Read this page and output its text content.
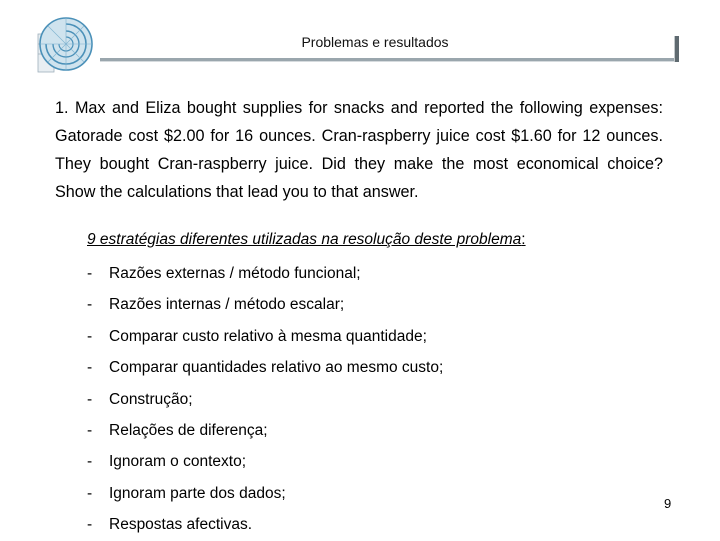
Problemas e resultados
1. Max and Eliza bought supplies for snacks and reported the following expenses: Gatorade cost $2.00 for 16 ounces. Cran-raspberry juice cost $1.60 for 12 ounces. They bought Cran-raspberry juice. Did they make the most economical choice? Show the calculations that lead you to that answer.
9 estratégias diferentes utilizadas na resolução deste problema:
- Razões externas / método funcional;
- Razões internas / método escalar;
- Comparar custo relativo à mesma quantidade;
- Comparar quantidades relativo ao mesmo custo;
- Construção;
- Relações de diferença;
- Ignoram o contexto;
- Ignoram parte dos dados;
- Respostas afectivas.
9
